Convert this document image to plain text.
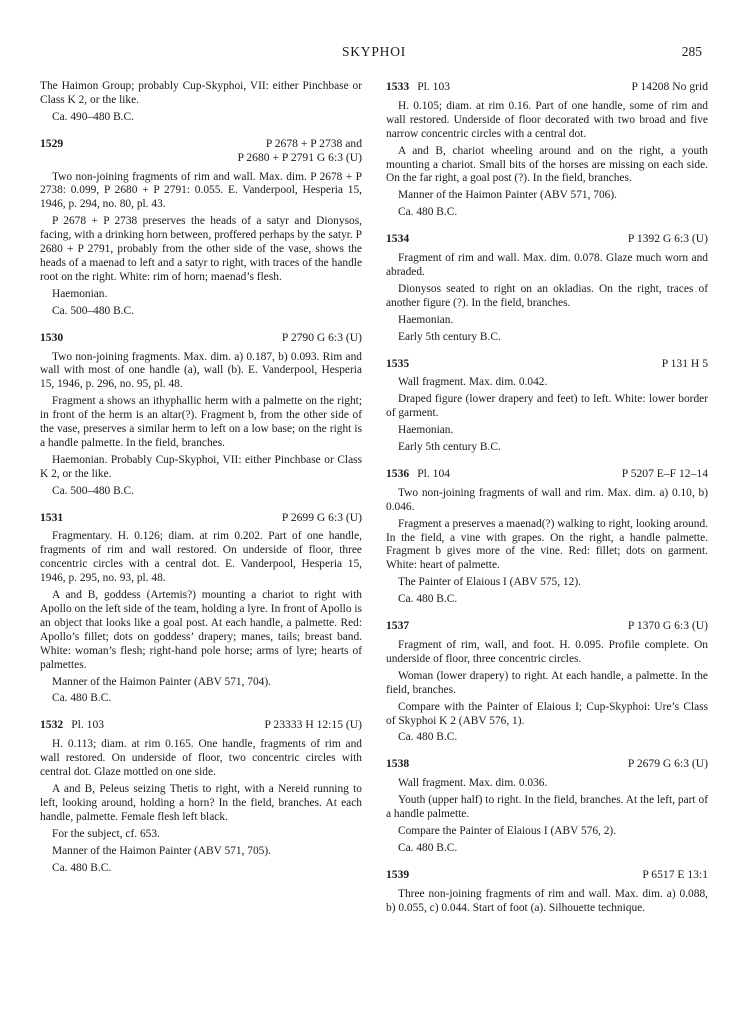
SKYPHOI	285

The Haimon Group; probably Cup-Skyphoi, VII: either Pinchbase or Class K 2, or the like.

Ca. 490–480 B.C.

1529	P 2678 + P 2738 and
P 2680 + P 2791 G 6:3 (U)

Two non-joining fragments of rim and wall. Max. dim. P 2678 + P 2738: 0.099, P 2680 + P 2791: 0.055. E. Vanderpool, Hesperia 15, 1946, p. 294, no. 80, pl. 43.

P 2678 + P 2738 preserves the heads of a satyr and Dionysos, facing, with a drinking horn between, proffered perhaps by the satyr. P 2680 + P 2791, probably from the other side of the vase, shows the heads of a maenad to left and a satyr to right, with traces of the handle root on the right. White: rim of horn; maenad’s flesh.

Haemonian.

Ca. 500–480 B.C.

1530	P 2790 G 6:3 (U)

Two non-joining fragments. Max. dim. a) 0.187, b) 0.093. Rim and wall with most of one handle (a), wall (b). E. Vanderpool, Hesperia 15, 1946, p. 296, no. 95, pl. 48.

Fragment a shows an ithyphallic herm with a palmette on the right; in front of the herm is an altar(?). Fragment b, from the other side of the vase, preserves a similar herm to left on a low base; on the right is a handle palmette. In the field, branches.

Haemonian. Probably Cup-Skyphoi, VII: either Pinchbase or Class K 2, or the like.

Ca. 500–480 B.C.

1531	P 2699 G 6:3 (U)

Fragmentary. H. 0.126; diam. at rim 0.202. Part of one handle, fragments of rim and wall restored. On underside of floor, three concentric circles with a central dot. E. Vanderpool, Hesperia 15, 1946, p. 295, no. 93, pl. 48.

A and B, goddess (Artemis?) mounting a chariot to right with Apollo on the left side of the team, holding a lyre. In front of Apollo is an object that looks like a goal post. At each handle, a palmette. Red: Apollo’s fillet; dots on goddess’ drapery; manes, tails; breast band. White: woman’s flesh; right-hand pole horse; arms of lyre; hearts of palmettes.

Manner of the Haimon Painter (ABV 571, 704).

Ca. 480 B.C.

1532 Pl. 103	P 23333 H 12:15 (U)

H. 0.113; diam. at rim 0.165. One handle, fragments of rim and wall restored. On underside of floor, two concentric circles with central dot. Glaze mottled on one side.

A and B, Peleus seizing Thetis to right, with a Nereid running to left, looking around, holding a horn? In the field, branches. At each handle, palmette. Female flesh left black.

For the subject, cf. 653.

Manner of the Haimon Painter (ABV 571, 705).

Ca. 480 B.C.

1533 Pl. 103	P 14208 No grid

H. 0.105; diam. at rim 0.16. Part of one handle, some of rim and wall restored. Underside of floor decorated with two broad and five narrow concentric circles with a central dot.

A and B, chariot wheeling around and on the right, a youth mounting a chariot. Small bits of the horses are missing on each side. On the far right, a goal post (?). In the field, branches.

Manner of the Haimon Painter (ABV 571, 706).

Ca. 480 B.C.

1534	P 1392 G 6:3 (U)

Fragment of rim and wall. Max. dim. 0.078. Glaze much worn and abraded.

Dionysos seated to right on an okladias. On the right, traces of another figure (?). In the field, branches.

Haemonian.

Early 5th century B.C.

1535	P 131 H 5

Wall fragment. Max. dim. 0.042.

Draped figure (lower drapery and feet) to left. White: lower border of garment.

Haemonian.

Early 5th century B.C.

1536 Pl. 104	P 5207 E–F 12–14

Two non-joining fragments of wall and rim. Max. dim. a) 0.10, b) 0.046.

Fragment a preserves a maenad(?) walking to right, looking around. In the field, a vine with grapes. On the right, a handle palmette. Fragment b gives more of the vine. Red: fillet; dots on garment. White: heart of palmette.

The Painter of Elaious I (ABV 575, 12).

Ca. 480 B.C.

1537	P 1370 G 6:3 (U)

Fragment of rim, wall, and foot. H. 0.095. Profile complete. On underside of floor, three concentric circles.

Woman (lower drapery) to right. At each handle, a palmette. In the field, branches.

Compare with the Painter of Elaious I; Cup-Skyphoi: Ure’s Class of Skyphoi K 2 (ABV 576, 1).

Ca. 480 B.C.

1538	P 2679 G 6:3 (U)

Wall fragment. Max. dim. 0.036.

Youth (upper half) to right. In the field, branches. At the left, part of a handle palmette.

Compare the Painter of Elaious I (ABV 576, 2).

Ca. 480 B.C.

1539	P 6517 E 13:1

Three non-joining fragments of rim and wall. Max. dim. a) 0.088, b) 0.055, c) 0.044. Start of foot (a). Silhouette technique.
